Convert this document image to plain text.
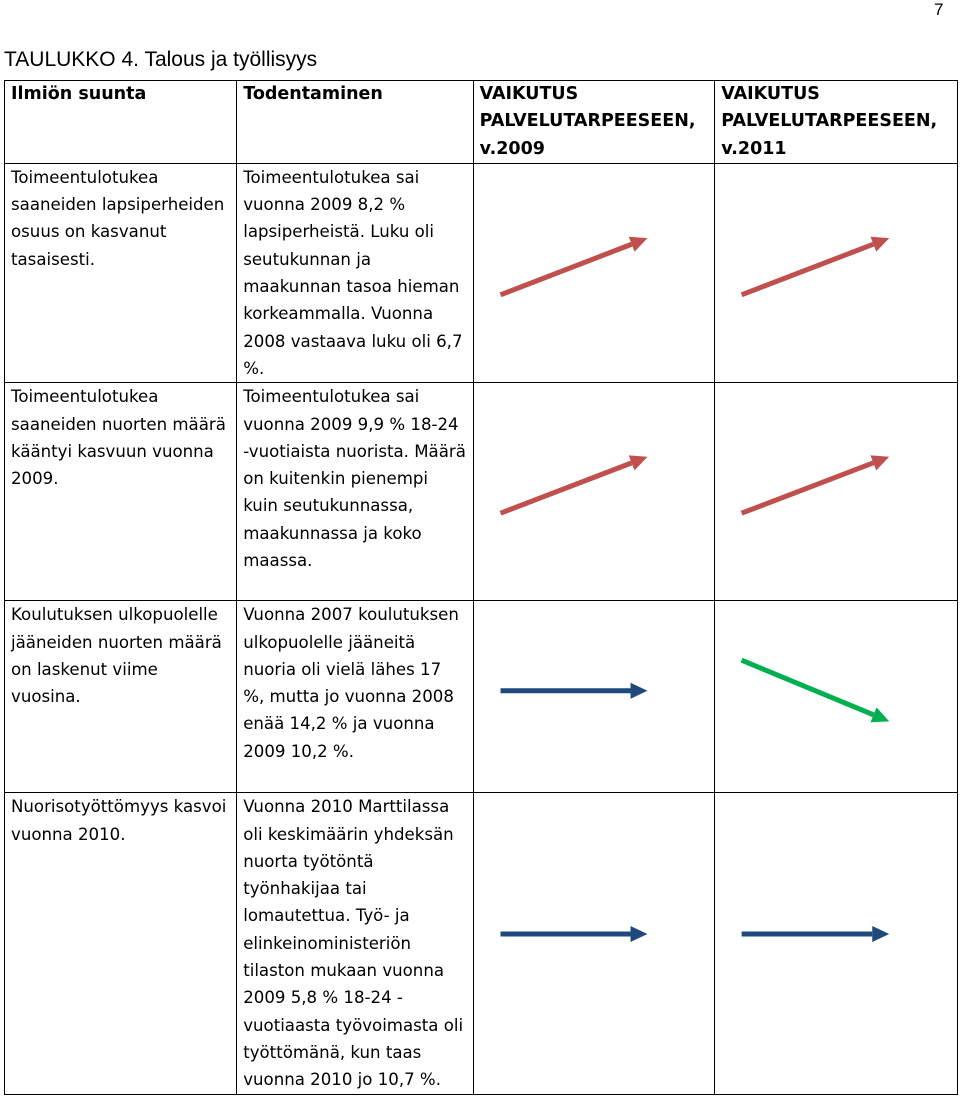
7
TAULUKKO 4. Talous ja työllisyys
Ilmiön suunta	Todentaminen	VAIKUTUS PALVELUTARPEESEEN, v.2009	VAIKUTUS PALVELUTARPEESEEN, v.2011

Toimeentulotukea saaneiden lapsiperheiden osuus on kasvanut tasaisesti.	Toimeentulotukea sai vuonna 2009 8,2 % lapsiperheistä. Luku oli seutukunnan ja maakunnan tasoa hieman korkeammalla. Vuonna 2008 vastaava luku oli 6,7 %.

Toimeentulotukea saaneiden nuorten määrä kääntyi kasvuun vuonna 2009.	Toimeentulotukea sai vuonna 2009 9,9 % 18-24 -vuotiaista nuorista. Määrä on kuitenkin pienempi kuin seutukunnassa, maakunnassa ja koko maassa.

Koulutuksen ulkopuolelle jääneiden nuorten määrä on laskenut viime vuosina.	Vuonna 2007 koulutuksen ulkopuolelle jääneitä nuoria oli vielä lähes 17 %, mutta jo vuonna 2008 enää 14,2 % ja vuonna 2009 10,2 %.

Nuorisotyöttömyys kasvoi vuonna 2010.	Vuonna 2010 Marttilassa oli keskimäärin yhdeksän nuorta työtöntä työnhakijaa tai lomautettua. Työ- ja elinkeinoministeriön tilaston mukaan vuonna 2009 5,8 % 18-24 - vuotiaasta työvoimasta oli työttömänä, kun taas vuonna 2010 jo 10,7 %.
